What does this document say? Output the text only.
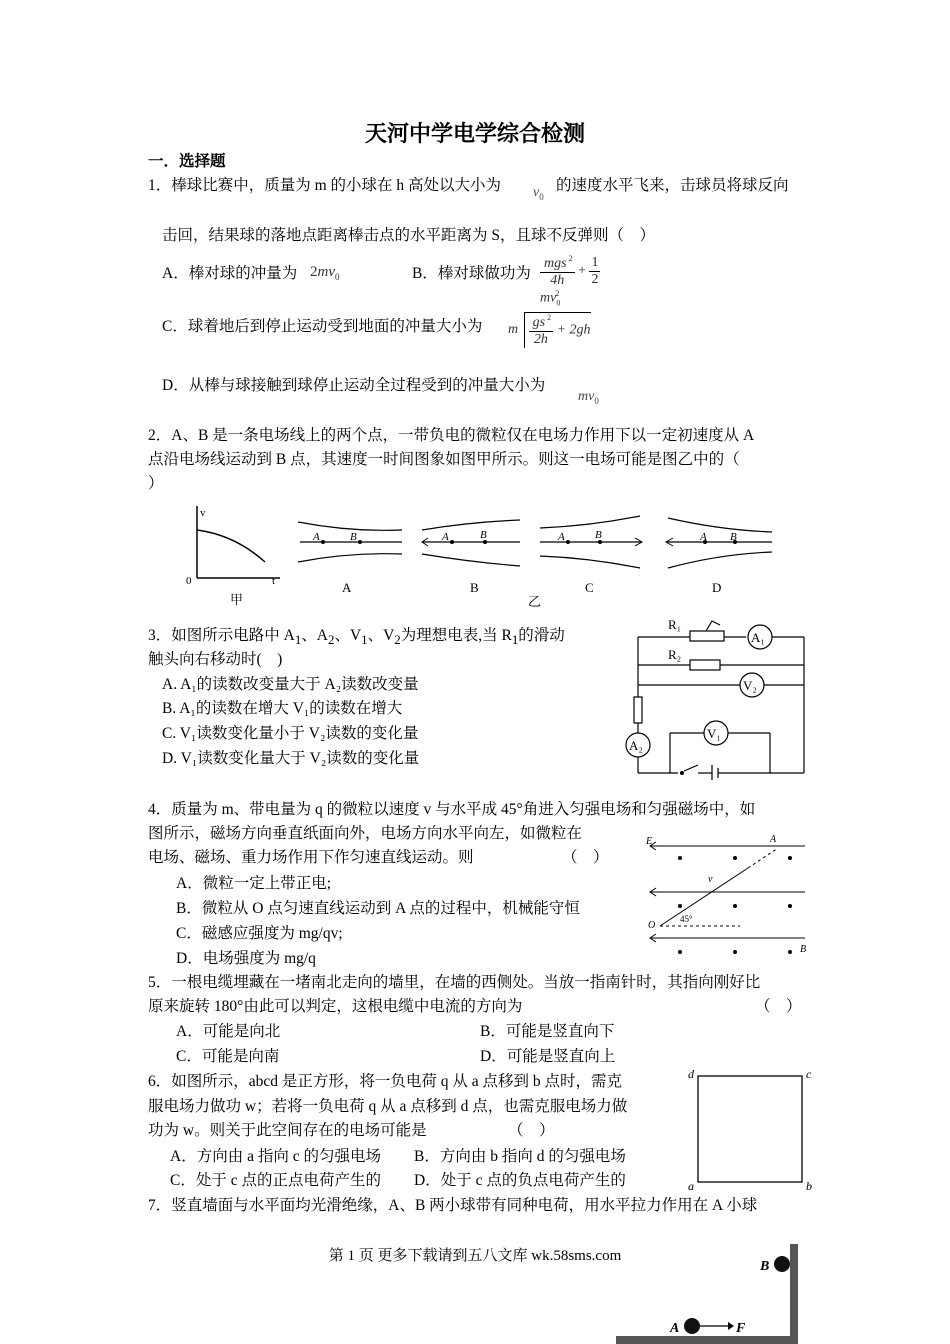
天河中学电学综合检测
一．选择题
1．棒球比赛中，质量为 m 的小球在 h 高处以大小为 $v_0$
的速度水平飞来，击球员将球反向
击回，结果球的落地点距离棒击点的水平距离为 S，且球不反弹则（　）
A．棒对球的冲量为 $2mv_0$	B．棒对球做功为 $\frac{mgs ^2}{4h} + \frac{1}{2}$
$mv_0^2$
C．球着地后到停止运动受到地面的冲量大小为 m $\frac{gs ^2}{2h} + 2gh$
D．从棒与球接触到球停止运动全过程受到的冲量大小为
$mv_0$
2．A、B 是一条电场线上的两个点，一带负电的微粒仅在电场力作用下以一定初速度从 A
点沿电场线运动到 B 点，其速度一时间图象如图甲所示。则这一电场可能是图乙中的（
）
v
0	t
甲
A	B
A
A	B
B
乙
A	B
C
A B
D
3．如图所示电路中 $A_1$、$A_2$、$V_1$、$V_2$为理想电表,当 $R_1$的滑动
触头向右移动时(　)
A. A₁的读数改变量大于 A₂读数改变量
B. A₁的读数在增大 V₁的读数在增大
C. V₁读数变化量小于 V₂读数的变化量
D. V₁读数变化量大于 V₂读数的变化量
R₁
R₂
A₁
V₂
A₂
V₁
4．质量为 m、带电量为 q 的微粒以速度 v 与水平成 45°角进入匀强电场和匀强磁场中，如
图所示，磁场方向垂直纸面向外，电场方向水平向左，如微粒在
电场、磁场、重力场作用下作匀速直线运动。则	（　）
A．微粒一定上带正电;
B．微粒从 O 点匀速直线运动到 A 点的过程中，机械能守恒
C．磁感应强度为 mg/qv;
D．电场强度为 mg/q
E	A
v
O
45°
B
5．一根电缆埋藏在一堵南北走向的墙里，在墙的西侧处。当放一指南针时，其指向刚好比
原来旋转 180°由此可以判定，这根电缆中电流的方向为	（　）
A．可能是向北	B．可能是竖直向下
C．可能是向南	D．可能是竖直向上
6．如图所示，abcd 是正方形，将一负电荷 q 从 a 点移到 b 点时，需克
服电场力做功 w；若将一负电荷 q 从 a 点移到 d 点，也需克服电场力做
功为 w。则关于此空间存在的电场可能是	（　）
A．方向由 a 指向 c 的匀强电场 B．方向由 b 指向 d 的匀强电场
C．处于 c 点的正点电荷产生的 D．处于 c 点的负点电荷产生的
d	c
a	b
7．竖直墙面与水平面均光滑绝缘，A、B 两小球带有同种电荷，用水平拉力作用在 A 小球
B
A	F
第 1 页 更多下载请到五八文库 wk.58sms.com
